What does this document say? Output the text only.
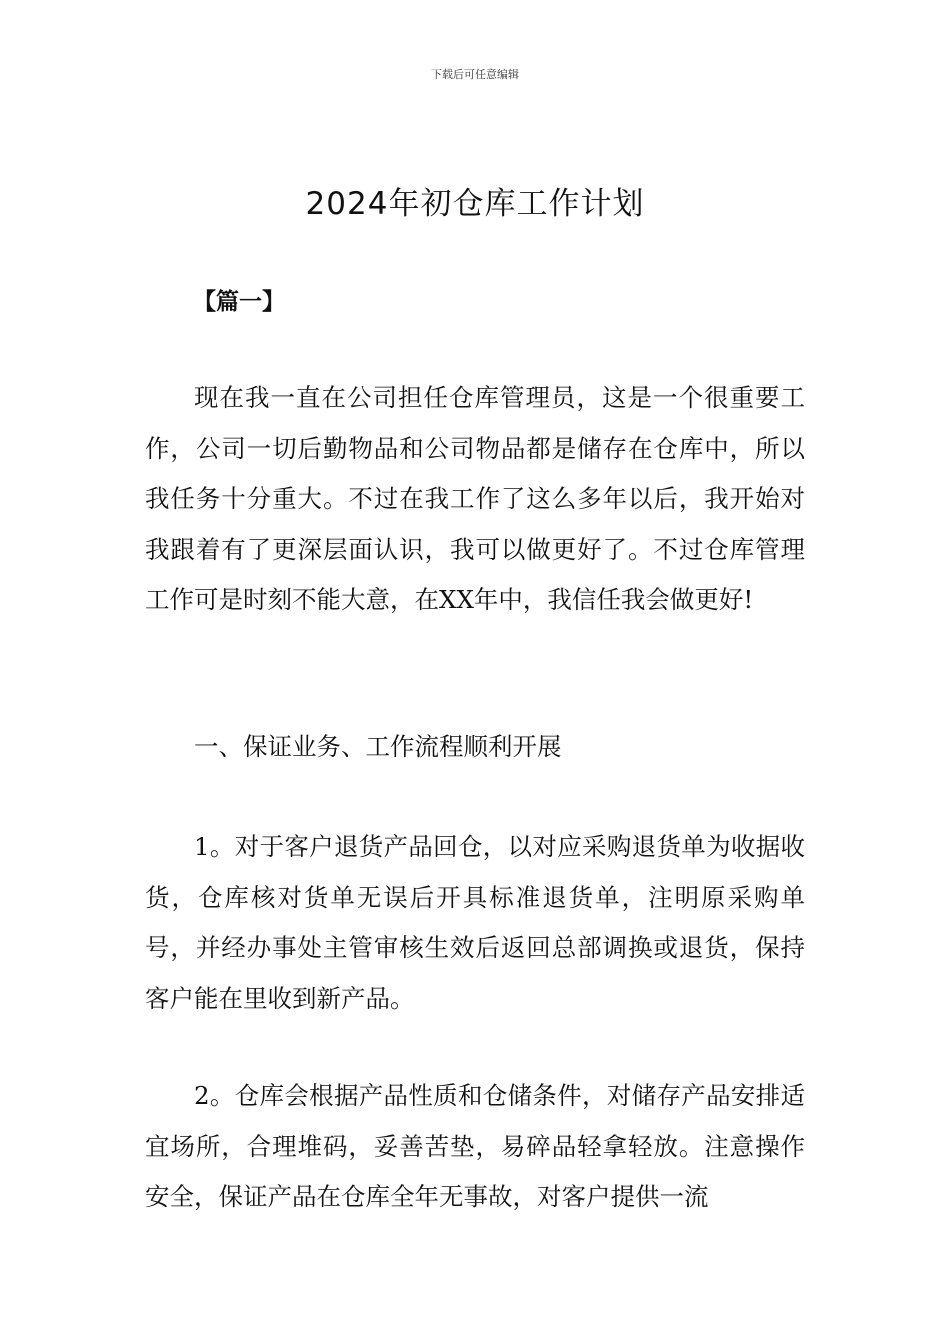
下载后可任意编辑
2024年初仓库工作计划
【篇一】

现在我一直在公司担任仓库管理员，这是一个很重要工作，公司一切后勤物品和公司物品都是储存在仓库中，所以我任务十分重大。不过在我工作了这么多年以后，我开始对我跟着有了更深层面认识，我可以做更好了。不过仓库管理工作可是时刻不能大意，在XX年中，我信任我会做更好!

一、保证业务、工作流程顺利开展

1。对于客户退货产品回仓，以对应采购退货单为收据收货，仓库核对货单无误后开具标准退货单，注明原采购单号，并经办事处主管审核生效后返回总部调换或退货，保持客户能在里收到新产品。

2。仓库会根据产品性质和仓储条件，对储存产品安排适宜场所，合理堆码，妥善苦垫，易碎品轻拿轻放。注意操作安全，保证产品在仓库全年无事故，对客户提供一流
